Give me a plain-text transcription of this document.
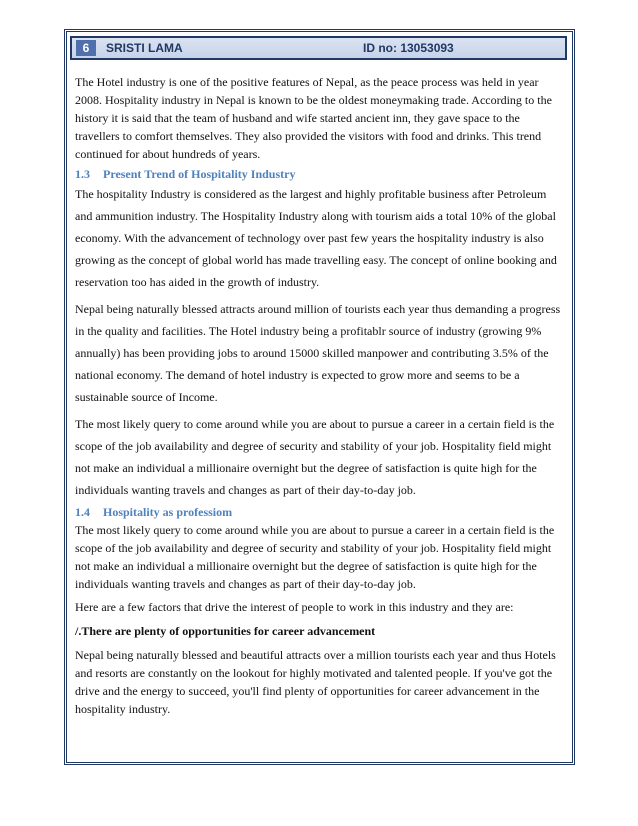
6	SRISTI LAMA	ID no: 13053093

The Hotel industry is one of the positive features of Nepal, as the peace process was held in year 2008. Hospitality industry in Nepal is known to be the oldest moneymaking trade. According to the history it is said that the team of husband and wife started ancient inn, they gave space to the travellers to comfort themselves. They also provided the visitors with food and drinks. This trend continued for about hundreds of years.

1.3 Present Trend of Hospitality Industry

The hospitality Industry is considered as the largest and highly profitable business after Petroleum and ammunition industry. The Hospitality Industry along with tourism aids a total 10% of the global economy. With the advancement of technology over past few years the hospitality industry is also growing as the concept of global world has made travelling easy. The concept of online booking and reservation too has aided in the growth of industry.

Nepal being naturally blessed attracts around million of tourists each year thus demanding a progress in the quality and facilities. The Hotel industry being a profitablr source of industry (growing 9% annually) has been providing jobs to around 15000 skilled manpower and contributing 3.5% of the national economy. The demand of hotel industry is expected to grow more and seems to be a sustainable source of Income.

The most likely query to come around while you are about to pursue a career in a certain field is the scope of the job availability and degree of security and stability of your job. Hospitality field might not make an individual a millionaire overnight but the degree of satisfaction is quite high for the individuals wanting travels and changes as part of their day-to-day job.

1.4 Hospitality as professiom

The most likely query to come around while you are about to pursue a career in a certain field is the scope of the job availability and degree of security and stability of your job. Hospitality field might not make an individual a millionaire overnight but the degree of satisfaction is quite high for the individuals wanting travels and changes as part of their day-to-day job.

Here are a few factors that drive the interest of people to work in this industry and they are:

/.There are plenty of opportunities for career advancement

Nepal being naturally blessed and beautiful attracts over a million tourists each year and thus Hotels and resorts are constantly on the lookout for highly motivated and talented people. If you've got the drive and the energy to succeed, you'll find plenty of opportunities for career advancement in the hospitality industry.
